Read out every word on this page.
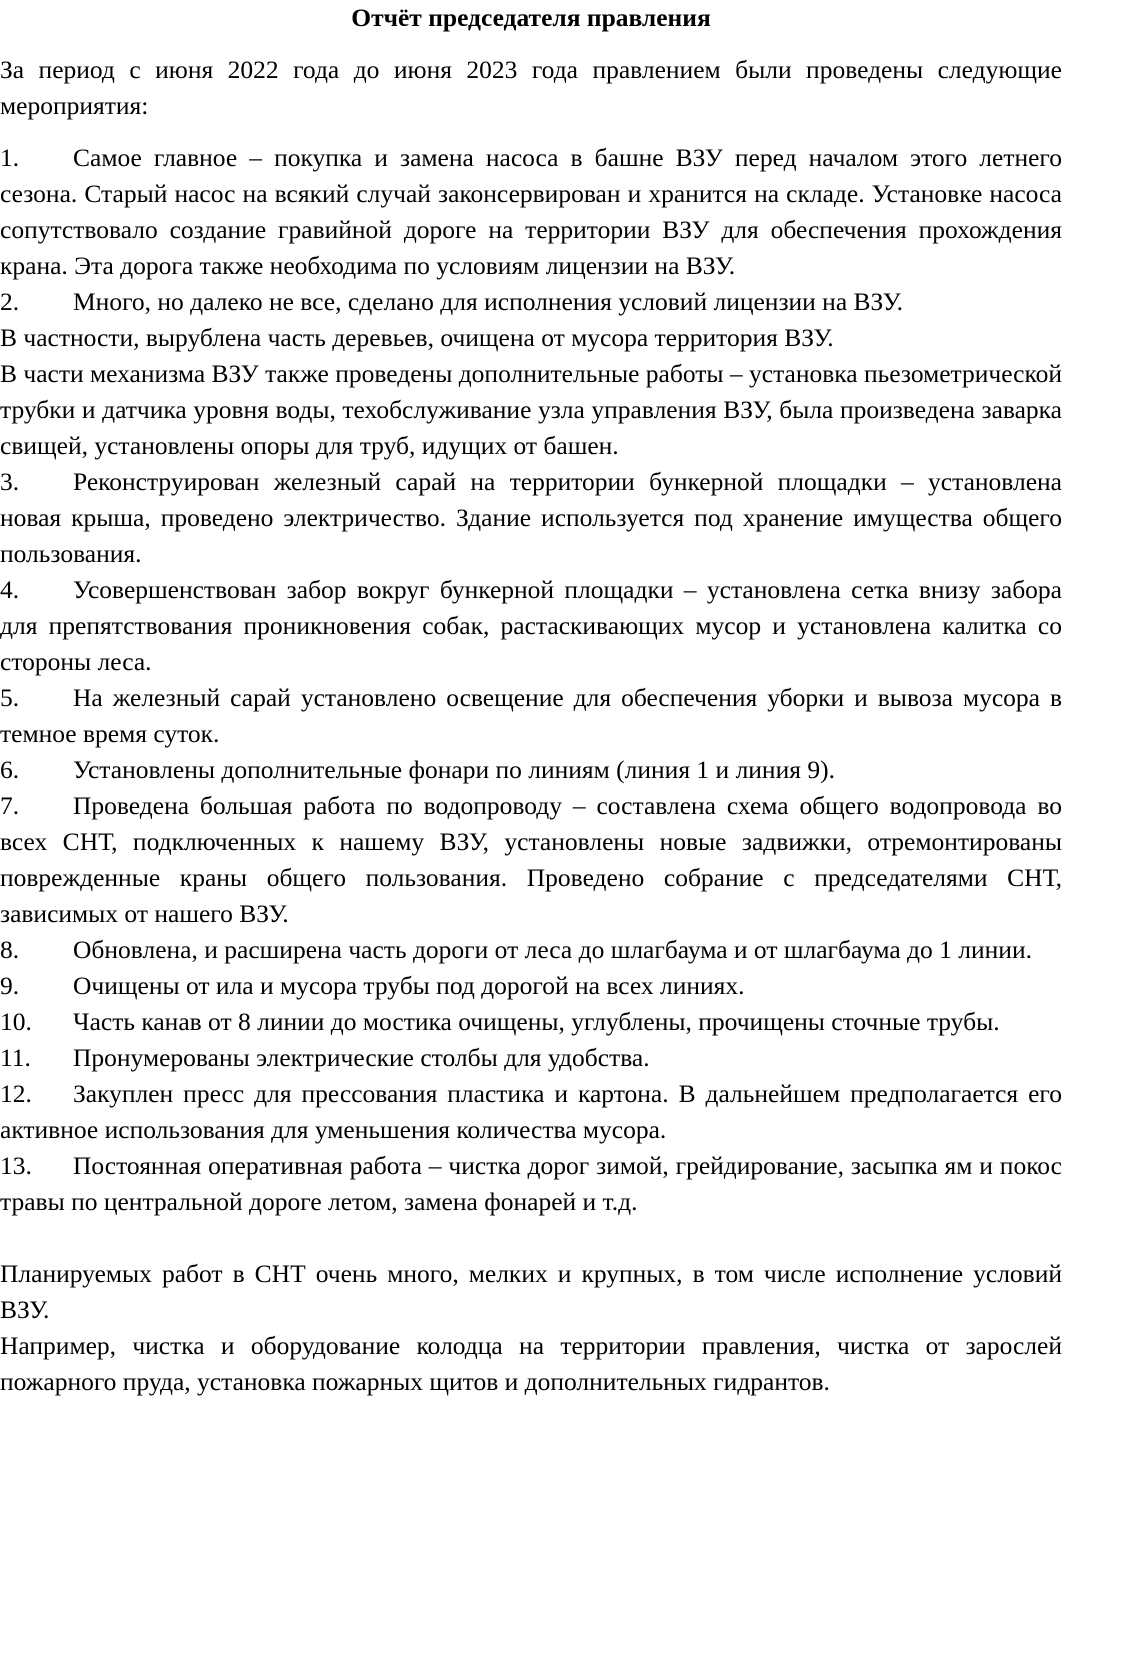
Отчёт председателя правления

За период с июня 2022 года до июня 2023 года правлением были проведены следующие мероприятия:

1. Самое главное – покупка и замена насоса в башне ВЗУ перед началом этого летнего сезона. Старый насос на всякий случай законсервирован и хранится на складе. Установке насоса сопутствовало создание гравийной дороге на территории ВЗУ для обеспечения прохождения крана. Эта дорога также необходима по условиям лицензии на ВЗУ.

2. Много, но далеко не все, сделано для исполнения условий лицензии на ВЗУ.

В частности, вырублена часть деревьев, очищена от мусора территория ВЗУ.

В части механизма ВЗУ также проведены дополнительные работы – установка пьезометрической трубки и датчика уровня воды, техобслуживание узла управления ВЗУ, была произведена заварка свищей, установлены опоры для труб, идущих от башен.

3. Реконструирован железный сарай на территории бункерной площадки – установлена новая крыша, проведено электричество. Здание используется под хранение имущества общего пользования.

4. Усовершенствован забор вокруг бункерной площадки – установлена сетка внизу забора для препятствования проникновения собак, растаскивающих мусор и установлена калитка со стороны леса.

5. На железный сарай установлено освещение для обеспечения уборки и вывоза мусора в темное время суток.

6. Установлены дополнительные фонари по линиям (линия 1 и линия 9).

7. Проведена большая работа по водопроводу – составлена схема общего водопровода во всех СНТ, подключенных к нашему ВЗУ, установлены новые задвижки, отремонтированы поврежденные краны общего пользования. Проведено собрание с председателями СНТ, зависимых от нашего ВЗУ.

8. Обновлена, и расширена часть дороги от леса до шлагбаума и от шлагбаума до 1 линии.

9. Очищены от ила и мусора трубы под дорогой на всех линиях.

10. Часть канав от 8 линии до мостика очищены, углублены, прочищены сточные трубы.

11. Пронумерованы электрические столбы для удобства.

12. Закуплен пресс для прессования пластика и картона. В дальнейшем предполагается его активное использования для уменьшения количества мусора.

13. Постоянная оперативная работа – чистка дорог зимой, грейдирование, засыпка ям и покос травы по центральной дороге летом, замена фонарей и т.д.

Планируемых работ в СНТ очень много, мелких и крупных, в том числе исполнение условий ВЗУ.

Например, чистка и оборудование колодца на территории правления, чистка от зарослей пожарного пруда, установка пожарных щитов и дополнительных гидрантов.
